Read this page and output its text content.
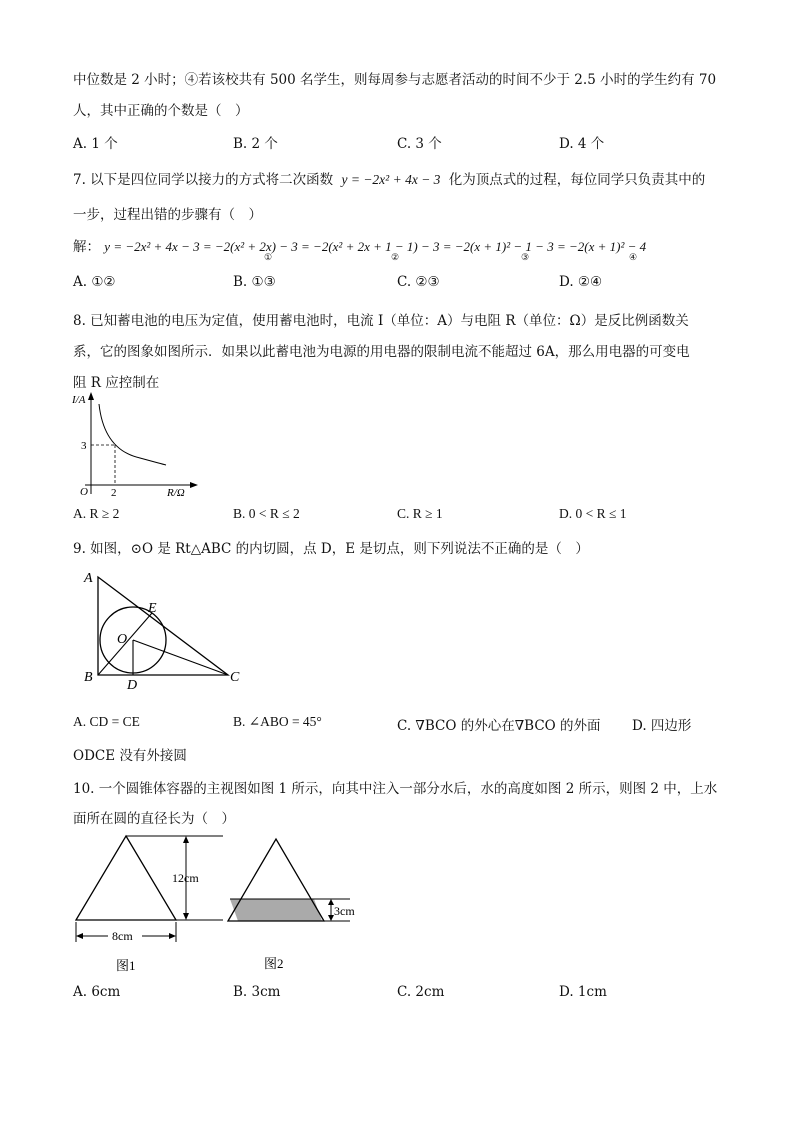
中位数是 2 小时；④若该校共有 500 名学生，则每周参与志愿者活动的时间不少于 2.5 小时的学生约有 70
人，其中正确的个数是（　）
A. 1 个	B. 2 个	C. 3 个	D. 4 个
7. 以下是四位同学以接力的方式将二次函数 y = −2x² + 4x − 3 化为顶点式的过程，每位同学只负责其中的
一步，过程出错的步骤有（　）
解： y = −2x² + 4x − 3 = −2(x² + 2x) − 3 = −2(x² + 2x + 1 − 1) − 3 = −2(x + 1)² − 1 − 3 = −2(x + 1)² − 4
①	②	③	④
A. ①②	B. ①③	C. ②③	D. ②④
8. 已知蓄电池的电压为定值，使用蓄电池时，电流 I（单位：A）与电阻 R（单位：Ω）是反比例函数关
系，它的图象如图所示．如果以此蓄电池为电源的用电器的限制电流不能超过 6A，那么用电器的可变电
阻 R 应控制在
I/A
3
O 2	R/Ω
A. R ≥ 2	B. 0 < R ≤ 2	C. R ≥ 1	D. 0 < R ≤ 1
9. 如图，⊙O 是 Rt△ABC 的内切圆，点 D，E 是切点，则下列说法不正确的是（　）
A
B	C
D
E
O
A. CD = CE	B. ∠ABO = 45°	C. ∇BCO 的外心在∇BCO 的外面 D. 四边形
ODCE 没有外接圆
10. 一个圆锥体容器的主视图如图 1 所示，向其中注入一部分水后，水的高度如图 2 所示，则图 2 中，上水
面所在圆的直径长为（　）
12cm
8cm
图1
3cm
图2
A. 6cm	B. 3cm	C. 2cm	D. 1cm
